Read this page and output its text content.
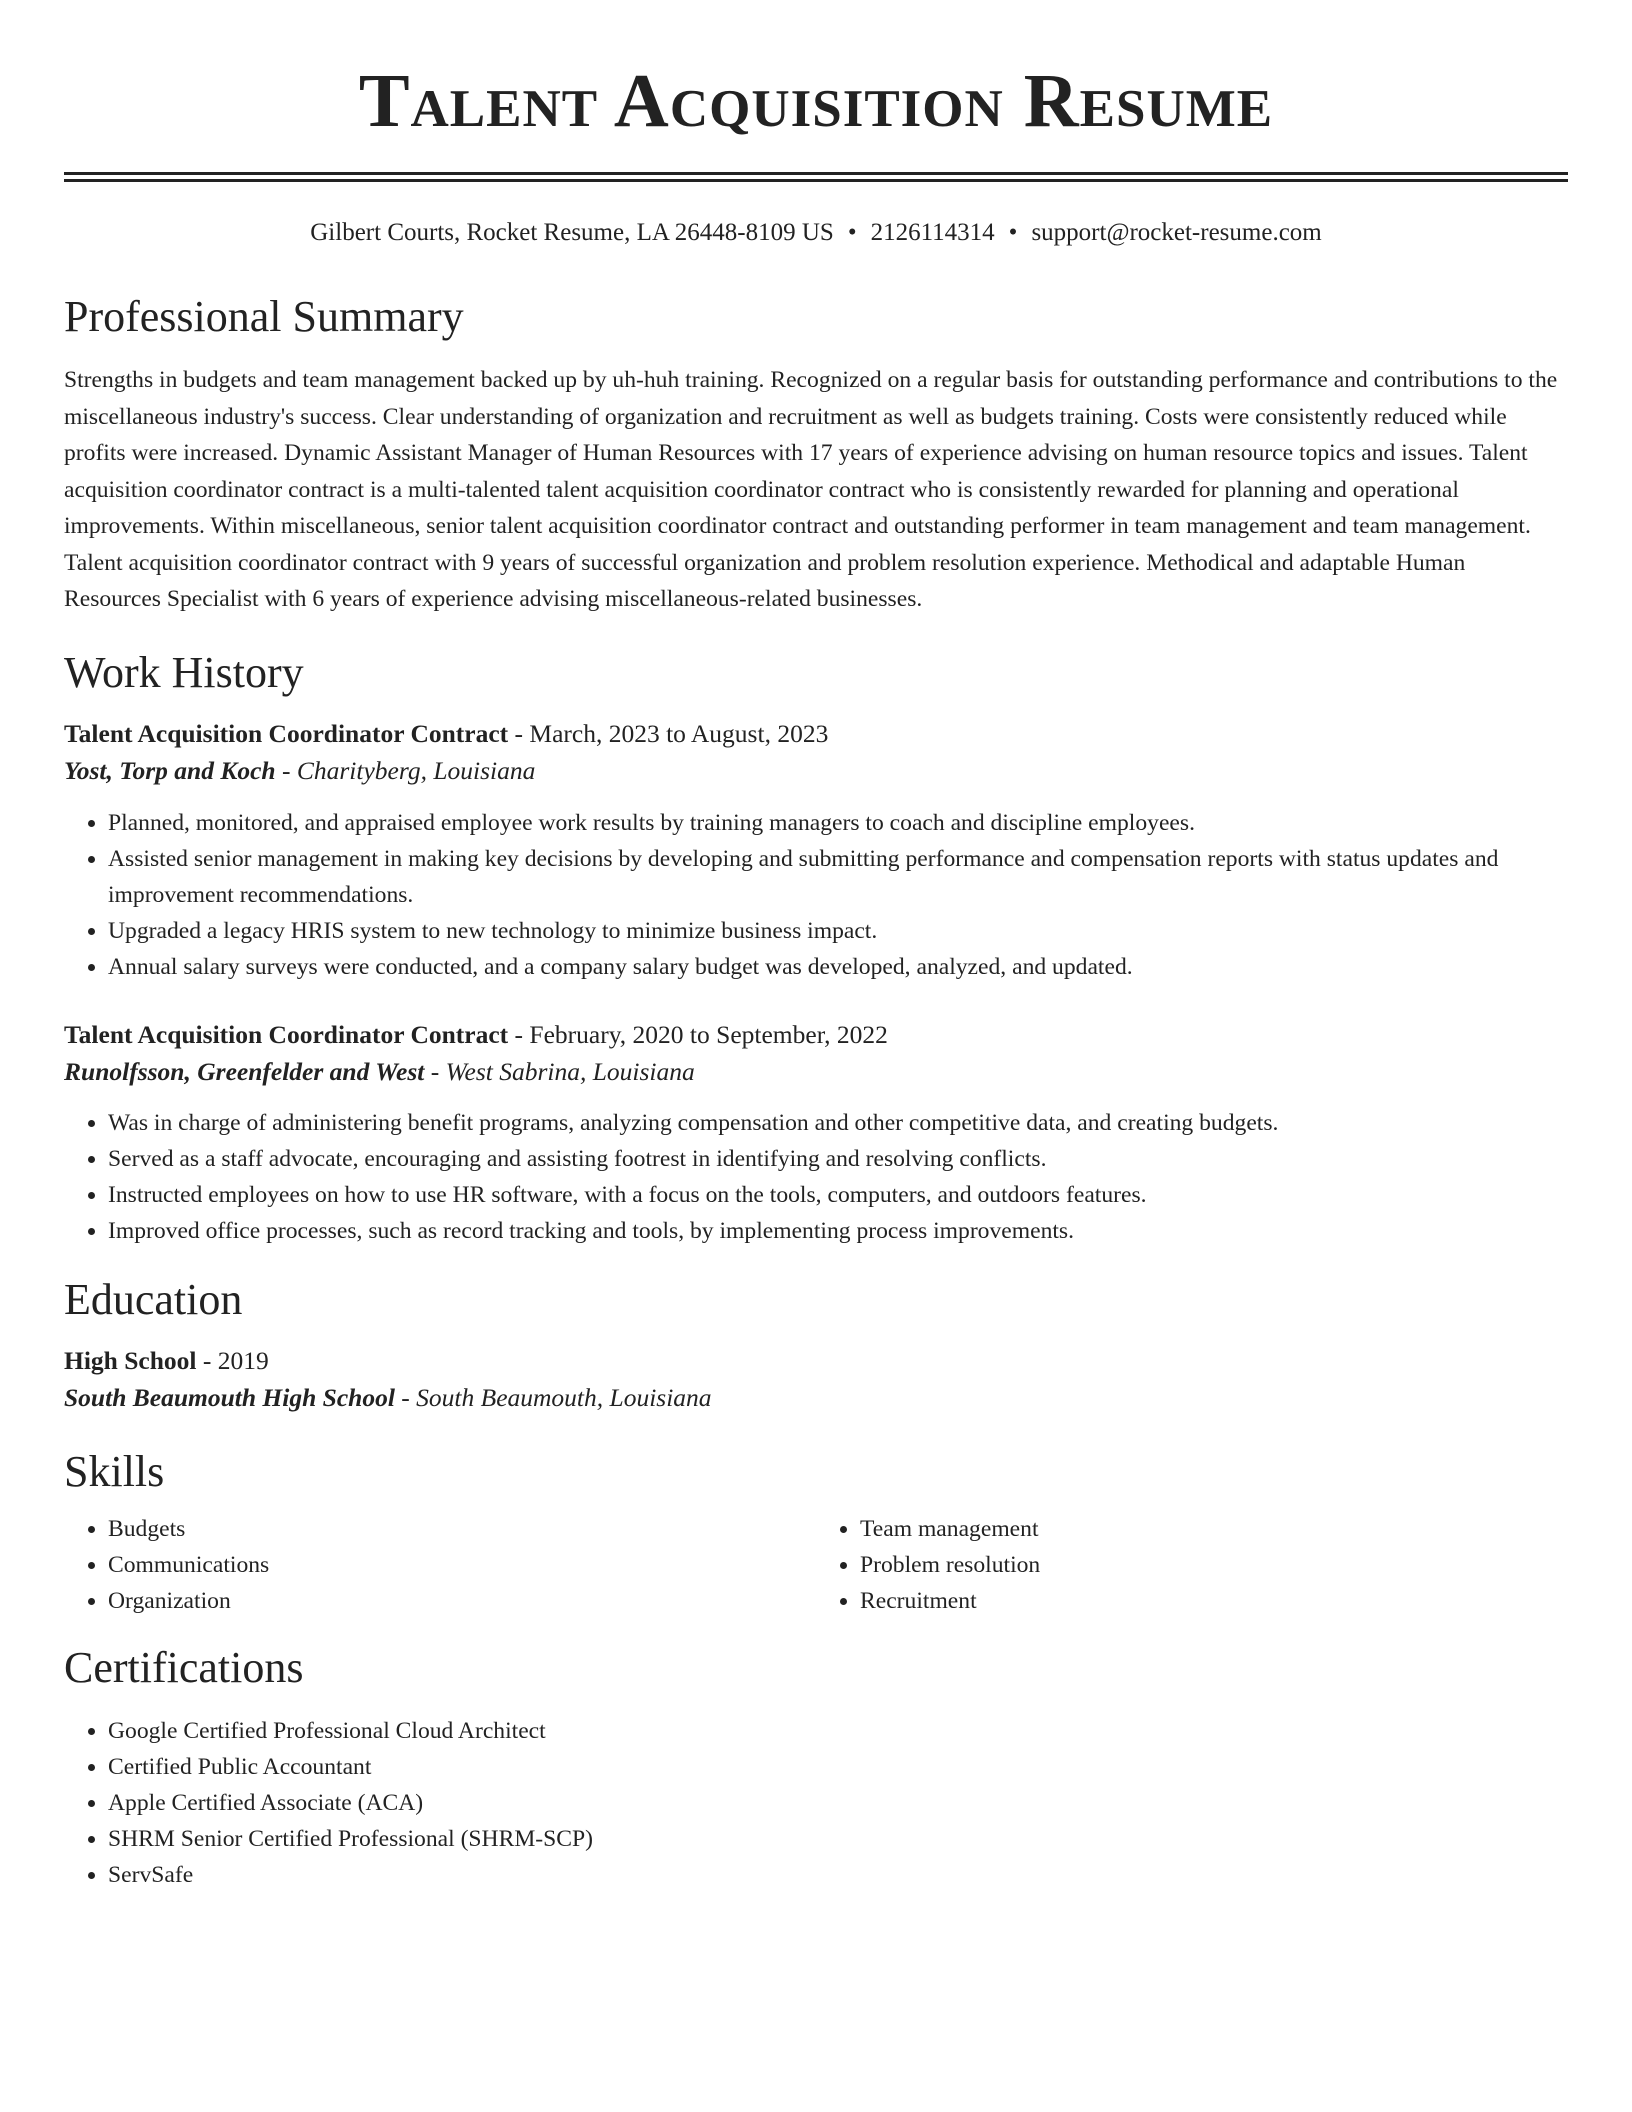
Talent Acquisition Resume
Gilbert Courts, Rocket Resume, LA 26448-8109 US • 2126114314 • support@rocket-resume.com
Professional Summary

Strengths in budgets and team management backed up by uh-huh training. Recognized on a regular basis for outstanding performance and contributions to the miscellaneous industry's success. Clear understanding of organization and recruitment as well as budgets training. Costs were consistently reduced while profits were increased. Dynamic Assistant Manager of Human Resources with 17 years of experience advising on human resource topics and issues. Talent acquisition coordinator contract is a multi-talented talent acquisition coordinator contract who is consistently rewarded for planning and operational improvements. Within miscellaneous, senior talent acquisition coordinator contract and outstanding performer in team management and team management. Talent acquisition coordinator contract with 9 years of successful organization and problem resolution experience. Methodical and adaptable Human Resources Specialist with 6 years of experience advising miscellaneous-related businesses.

Work History
Talent Acquisition Coordinator Contract - March, 2023 to August, 2023
Yost, Torp and Koch - Charityberg, Louisiana
• Planned, monitored, and appraised employee work results by training managers to coach and discipline employees.
• Assisted senior management in making key decisions by developing and submitting performance and compensation reports with status updates and improvement recommendations.
• Upgraded a legacy HRIS system to new technology to minimize business impact.
• Annual salary surveys were conducted, and a company salary budget was developed, analyzed, and updated.
Talent Acquisition Coordinator Contract - February, 2020 to September, 2022
Runolfsson, Greenfelder and West - West Sabrina, Louisiana
• Was in charge of administering benefit programs, analyzing compensation and other competitive data, and creating budgets.
• Served as a staff advocate, encouraging and assisting footrest in identifying and resolving conflicts.
• Instructed employees on how to use HR software, with a focus on the tools, computers, and outdoors features.
• Improved office processes, such as record tracking and tools, by implementing process improvements.
Education
High School - 2019
South Beaumouth High School - South Beaumouth, Louisiana
Skills
• Budgets
• Communications
• Organization
• Team management
• Problem resolution
• Recruitment
Certifications
• Google Certified Professional Cloud Architect
• Certified Public Accountant
• Apple Certified Associate (ACA)
• SHRM Senior Certified Professional (SHRM-SCP)
• ServSafe
